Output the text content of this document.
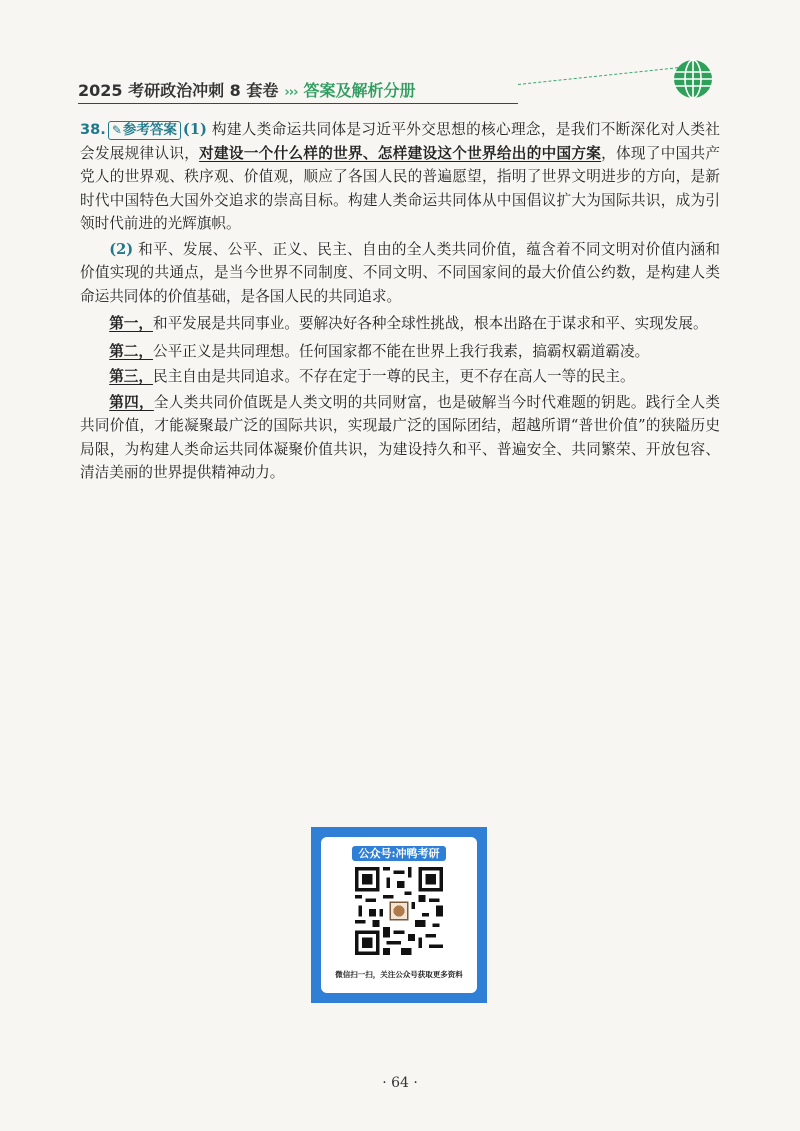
2025 考研政治冲刺 8 套卷 ››› 答案及解析分册

38. ✎参考答案 (1) 构建人类命运共同体是习近平外交思想的核心理念，是我们不断深化对人类社会发展规律认识，对建设一个什么样的世界、怎样建设这个世界给出的中国方案，体现了中国共产党人的世界观、秩序观、价值观，顺应了各国人民的普遍愿望，指明了世界文明进步的方向，是新时代中国特色大国外交追求的崇高目标。构建人类命运共同体从中国倡议扩大为国际共识，成为引领时代前进的光辉旗帜。

(2) 和平、发展、公平、正义、民主、自由的全人类共同价值，蕴含着不同文明对价值内涵和价值实现的共通点，是当今世界不同制度、不同文明、不同国家间的最大价值公约数，是构建人类命运共同体的价值基础，是各国人民的共同追求。

第一，和平发展是共同事业。要解决好各种全球性挑战，根本出路在于谋求和平、实现发展。

第二，公平正义是共同理想。任何国家都不能在世界上我行我素，搞霸权霸道霸凌。

第三，民主自由是共同追求。不存在定于一尊的民主，更不存在高人一等的民主。

第四，全人类共同价值既是人类文明的共同财富，也是破解当今时代难题的钥匙。践行全人类共同价值，才能凝聚最广泛的国际共识，实现最广泛的国际团结，超越所谓“普世价值”的狭隘历史局限，为构建人类命运共同体凝聚价值共识，为建设持久和平、普遍安全、共同繁荣、开放包容、清洁美丽的世界提供精神动力。

公众号:冲鸭考研
微信扫一扫，关注公众号获取更多资料
· 64 ·
